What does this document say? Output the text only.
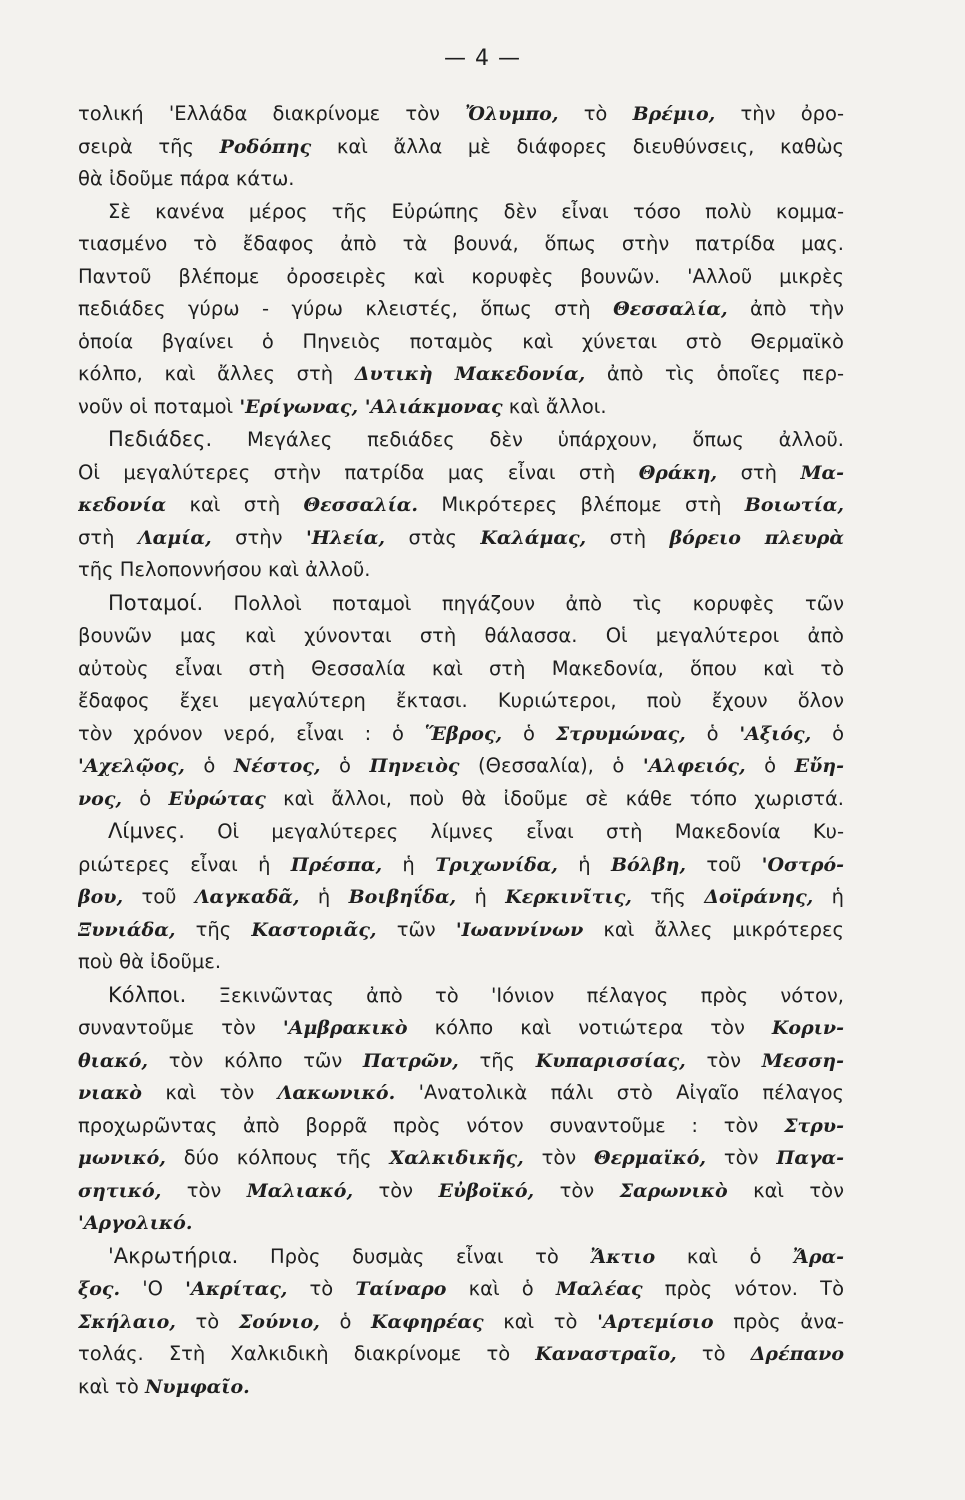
— 4 —
τολική 'Ελλάδα διακρίνομε τὸν Ὄλυμπο, τὸ Βρέμιο, τὴν ὀρο-
σειρὰ τῆς Ροδόπης καὶ ἄλλα μὲ διάφορες διευθύνσεις, καθὼς
θὰ ἰδοῦμε πάρα κάτω.
Σὲ κανένα μέρος τῆς Εὐρώπης δὲν εἶναι τόσο πολὺ κομμα-
τιασμένο τὸ ἔδαφος ἀπὸ τὰ βουνά, ὅπως στὴν πατρίδα μας.
Παντοῦ βλέπομε ὀροσειρὲς καὶ κορυφὲς βουνῶν. 'Αλλοῦ μικρὲς
πεδιάδες γύρω - γύρω κλειστές, ὅπως στὴ Θεσσαλία, ἀπὸ τὴν
ὁποία βγαίνει ὁ Πηνειὸς ποταμὸς καὶ χύνεται στὸ Θερμαϊκὸ
κόλπο, καὶ ἄλλες στὴ Δυτικὴ Μακεδονία, ἀπὸ τὶς ὁποῖες περ-
νοῦν οἱ ποταμοὶ 'Ερίγωνας, 'Αλιάκμονας καὶ ἄλλοι.
Πεδιάδες. Μεγάλες πεδιάδες δὲν ὑπάρχουν, ὅπως ἀλλοῦ.
Οἱ μεγαλύτερες στὴν πατρίδα μας εἶναι στὴ Θράκη, στὴ Μα-
κεδονία καὶ στὴ Θεσσαλία. Μικρότερες βλέπομε στὴ Βοιωτία,
στὴ Λαμία, στὴν 'Ηλεία, στὰς Καλάμας, στὴ βόρειο πλευρὰ
τῆς Πελοποννήσου καὶ ἀλλοῦ.
Ποταμοί. Πολλοὶ ποταμοὶ πηγάζουν ἀπὸ τὶς κορυφὲς τῶν
βουνῶν μας καὶ χύνονται στὴ θάλασσα. Οἱ μεγαλύτεροι ἀπὸ
αὐτοὺς εἶναι στὴ Θεσσαλία καὶ στὴ Μακεδονία, ὅπου καὶ τὸ
ἔδαφος ἔχει μεγαλύτερη ἔκτασι. Κυριώτεροι, ποὺ ἔχουν ὅλον
τὸν χρόνον νερό, εἶναι : ὁ Ἕβρος, ὁ Στρυμώνας, ὁ 'Αξιός, ὁ
'Αχελῷος, ὁ Νέστος, ὁ Πηνειὸς (Θεσσαλία), ὁ 'Αλφειός, ὁ Εὔη-
νος, ὁ Εὐρώτας καὶ ἄλλοι, ποὺ θὰ ἰδοῦμε σὲ κάθε τόπο χωριστά.
Λίμνες. Οἱ μεγαλύτερες λίμνες εἶναι στὴ Μακεδονία Κυ-
ριώτερες εἶναι ἡ Πρέσπα, ἡ Τριχωνίδα, ἡ Βόλβη, τοῦ 'Οστρό-
βου, τοῦ Λαγκαδᾶ, ἡ Βοιβηΐδα, ἡ Κερκινῖτις, τῆς Δοϊράνης, ἡ
Ξυνιάδα, τῆς Καστοριᾶς, τῶν 'Ιωαννίνων καὶ ἄλλες μικρότερες
ποὺ θὰ ἰδοῦμε.
Κόλποι. Ξεκινῶντας ἀπὸ τὸ 'Ιόνιον πέλαγος πρὸς νότον,
συναντοῦμε τὸν 'Αμβρακικὸ κόλπο καὶ νοτιώτερα τὸν Κοριν-
θιακό, τὸν κόλπο τῶν Πατρῶν, τῆς Κυπαρισσίας, τὸν Μεσση-
νιακὸ καὶ τὸν Λακωνικό. 'Ανατολικὰ πάλι στὸ Αἰγαῖο πέλαγος
προχωρῶντας ἀπὸ βορρᾶ πρὸς νότον συναντοῦμε : τὸν Στρυ-
μωνικό, δύο κόλπους τῆς Χαλκιδικῆς, τὸν Θερμαϊκό, τὸν Παγα-
σητικό, τὸν Μαλιακό, τὸν Εὐβοϊκό, τὸν Σαρωνικὸ καὶ τὸν
'Αργολικό.
'Ακρωτήρια. Πρὸς δυσμὰς εἶναι τὸ Ἄκτιο καὶ ὁ Ἄρα-
ξος. 'Ο 'Ακρίτας, τὸ Ταίναρο καὶ ὁ Μαλέας πρὸς νότον. Τὸ
Σκήλαιο, τὸ Σούνιο, ὁ Καφηρέας καὶ τὸ 'Αρτεμίσιο πρὸς ἀνα-
τολάς. Στὴ Χαλκιδικὴ διακρίνομε τὸ Καναστραῖο, τὸ Δρέπανο
καὶ τὸ Νυμφαῖο.
